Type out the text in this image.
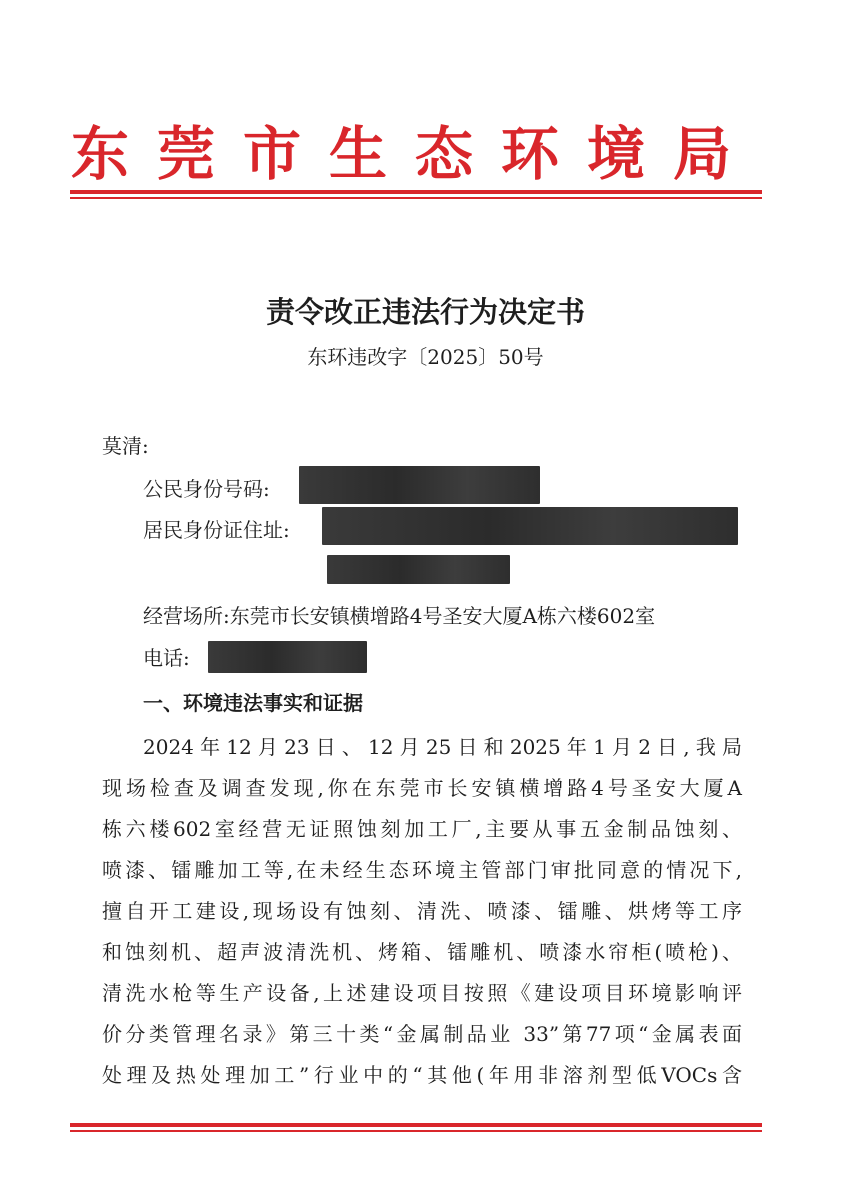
东莞市生态环境局
责令改正违法行为决定书
东环违改字〔2025〕50号
莫清:
公民身份号码:
居民身份证住址:
经营场所:东莞市长安镇横增路4号圣安大厦A栋六楼602室
电话:
一、环境违法事实和证据
2024年12月23日、12月25日和2025年1月2日,我局
现场检查及调查发现,你在东莞市长安镇横增路4号圣安大厦A
栋六楼602室经营无证照蚀刻加工厂,主要从事五金制品蚀刻、
喷漆、镭雕加工等,在未经生态环境主管部门审批同意的情况下,
擅自开工建设,现场设有蚀刻、清洗、喷漆、镭雕、烘烤等工序
和蚀刻机、超声波清洗机、烤箱、镭雕机、喷漆水帘柜(喷枪)、
清洗水枪等生产设备,上述建设项目按照《建设项目环境影响评
价分类管理名录》第三十类“金属制品业 33”第77项“金属表面
处理及热处理加工”行业中的“其他(年用非溶剂型低VOCs含
